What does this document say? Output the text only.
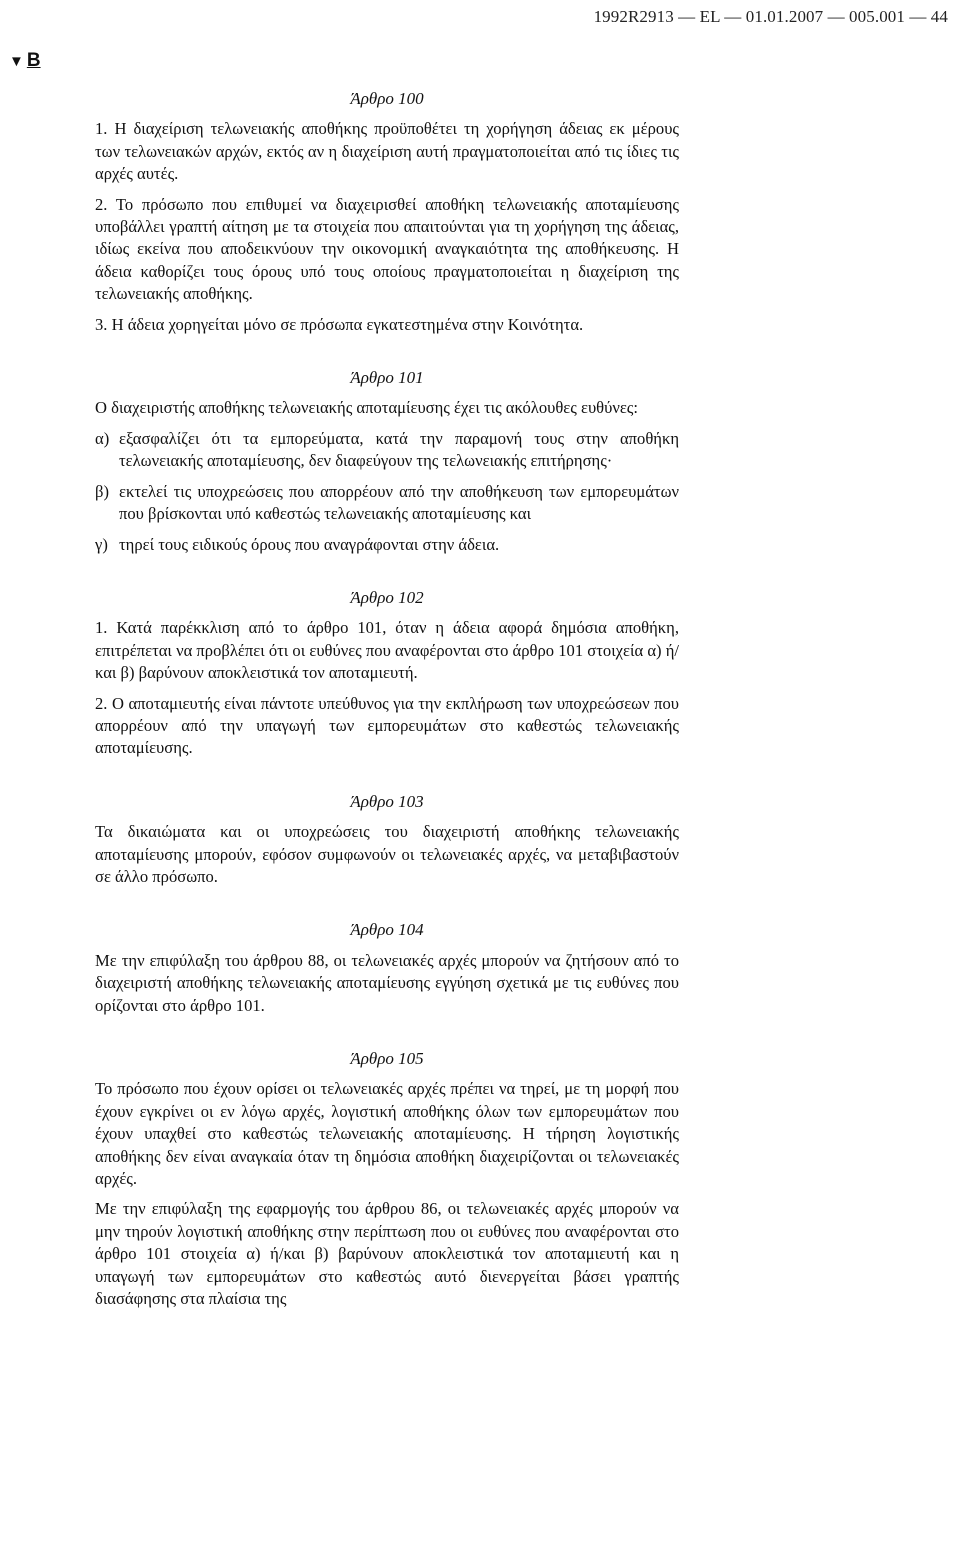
1992R2913 — EL — 01.01.2007 — 005.001 — 44
▼ B
Άρθρο 100

1. Η διαχείριση τελωνειακής αποθήκης προϋποθέτει τη χορήγηση άδειας εκ μέρους των τελωνειακών αρχών, εκτός αν η διαχείριση αυτή πραγματοποιείται από τις ίδιες τις αρχές αυτές.

2. Το πρόσωπο που επιθυμεί να διαχειρισθεί αποθήκη τελωνειακής αποταμίευσης υποβάλλει γραπτή αίτηση με τα στοιχεία που απαιτούνται για τη χορήγηση της άδειας, ιδίως εκείνα που αποδεικνύουν την οικονομική αναγκαιότητα της αποθήκευσης. Η άδεια καθορίζει τους όρους υπό τους οποίους πραγματοποιείται η διαχείριση της τελωνειακής αποθήκης.

3. Η άδεια χορηγείται μόνο σε πρόσωπα εγκατεστημένα στην Κοινότητα.

Άρθρο 101

Ο διαχειριστής αποθήκης τελωνειακής αποταμίευσης έχει τις ακόλουθες ευθύνες:

α) εξασφαλίζει ότι τα εμπορεύματα, κατά την παραμονή τους στην αποθήκη τελωνειακής αποταμίευσης, δεν διαφεύγουν της τελωνειακής επιτήρησης·
β) εκτελεί τις υποχρεώσεις που απορρέουν από την αποθήκευση των εμπορευμάτων που βρίσκονται υπό καθεστώς τελωνειακής αποταμίευσης και
γ) τηρεί τους ειδικούς όρους που αναγράφονται στην άδεια.
Άρθρο 102

1. Κατά παρέκκλιση από το άρθρο 101, όταν η άδεια αφορά δημόσια αποθήκη, επιτρέπεται να προβλέπει ότι οι ευθύνες που αναφέρονται στο άρθρο 101 στοιχεία α) ή/και β) βαρύνουν αποκλειστικά τον αποταμιευτή.

2. Ο αποταμιευτής είναι πάντοτε υπεύθυνος για την εκπλήρωση των υποχρεώσεων που απορρέουν από την υπαγωγή των εμπορευμάτων στο καθεστώς τελωνειακής αποταμίευσης.

Άρθρο 103

Τα δικαιώματα και οι υποχρεώσεις του διαχειριστή αποθήκης τελωνειακής αποταμίευσης μπορούν, εφόσον συμφωνούν οι τελωνειακές αρχές, να μεταβιβαστούν σε άλλο πρόσωπο.

Άρθρο 104

Με την επιφύλαξη του άρθρου 88, οι τελωνειακές αρχές μπορούν να ζητήσουν από το διαχειριστή αποθήκης τελωνειακής αποταμίευσης εγγύηση σχετικά με τις ευθύνες που ορίζονται στο άρθρο 101.

Άρθρο 105

Το πρόσωπο που έχουν ορίσει οι τελωνειακές αρχές πρέπει να τηρεί, με τη μορφή που έχουν εγκρίνει οι εν λόγω αρχές, λογιστική αποθήκης όλων των εμπορευμάτων που έχουν υπαχθεί στο καθεστώς τελωνειακής αποταμίευσης. Η τήρηση λογιστικής αποθήκης δεν είναι αναγκαία όταν τη δημόσια αποθήκη διαχειρίζονται οι τελωνειακές αρχές.

Με την επιφύλαξη της εφαρμογής του άρθρου 86, οι τελωνειακές αρχές μπορούν να μην τηρούν λογιστική αποθήκης στην περίπτωση που οι ευθύνες που αναφέρονται στο άρθρο 101 στοιχεία α) ή/και β) βαρύνουν αποκλειστικά τον αποταμιευτή και η υπαγωγή των εμπορευμάτων στο καθεστώς αυτό διενεργείται βάσει γραπτής διασάφησης στα πλαίσια της
